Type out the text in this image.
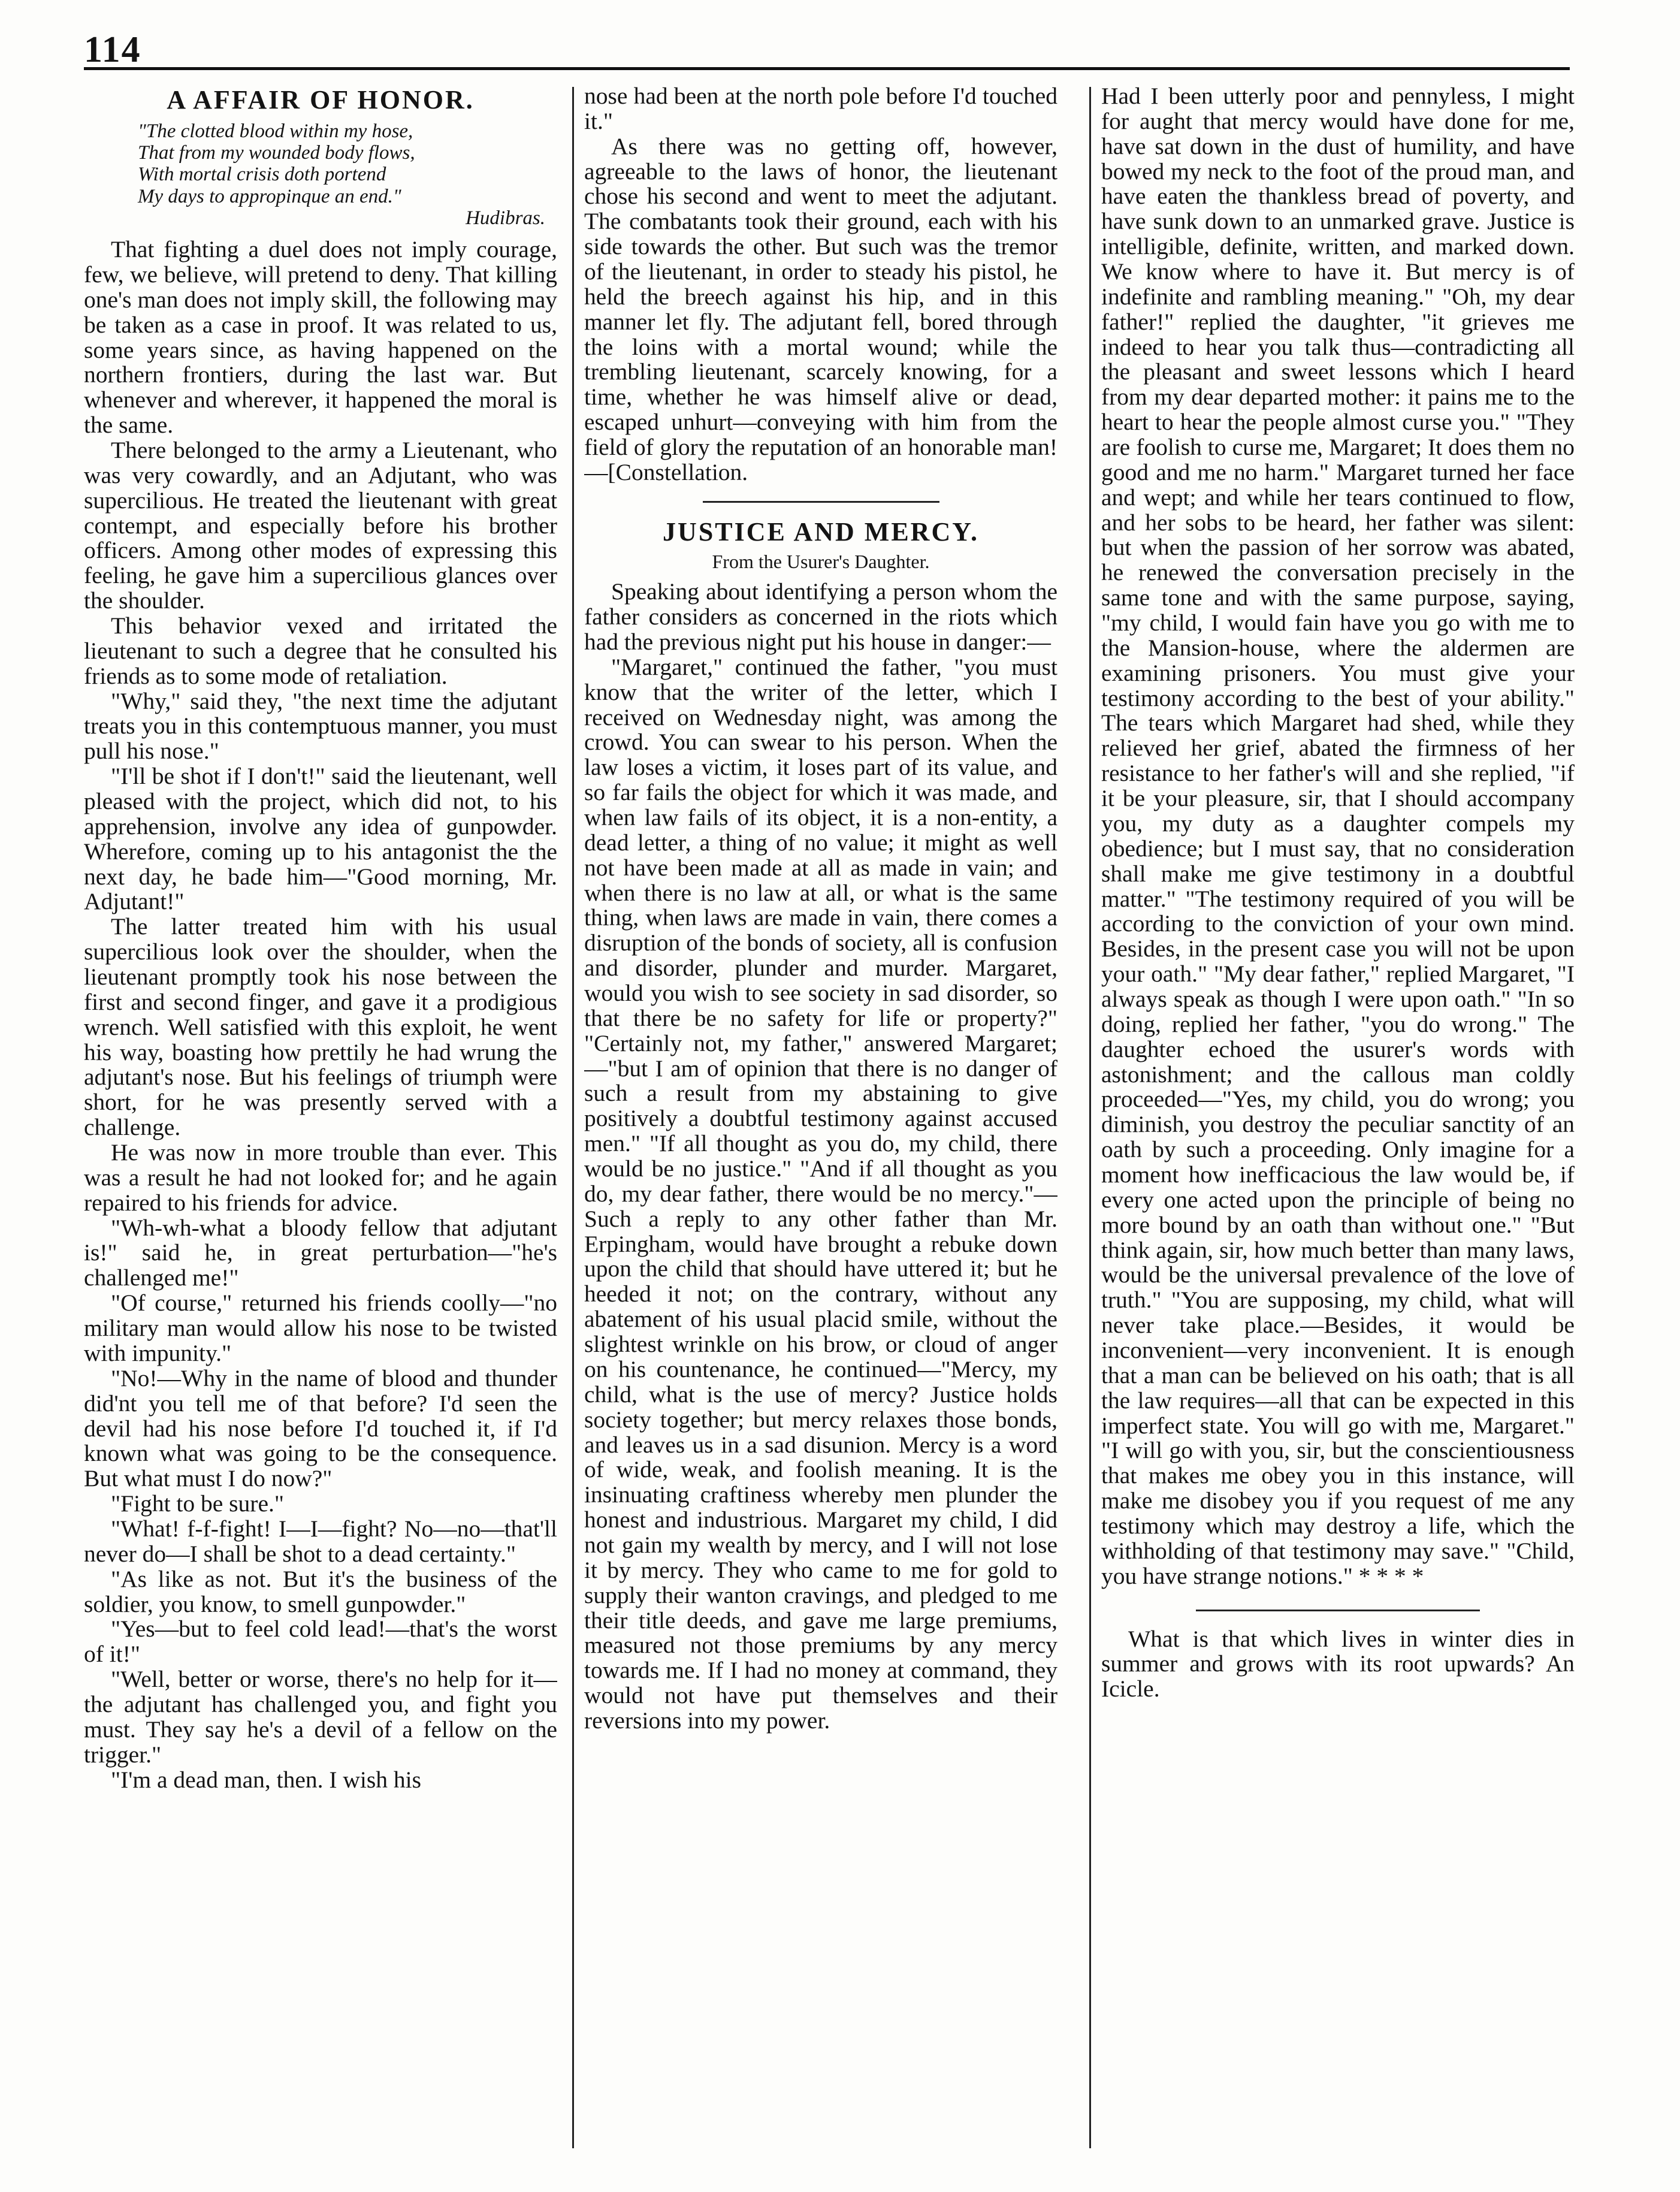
114
A AFFAIR OF HONOR.
"The clotted blood within my hose,
That from my wounded body flows,
With mortal crisis doth portend
My days to appropinque an end."
Hudibras.

That fighting a duel does not imply courage, few, we believe, will pretend to deny. That killing one's man does not imply skill, the following may be taken as a case in proof. It was related to us, some years since, as having happened on the northern frontiers, during the last war. But whenever and wherever, it happened the moral is the same.

There belonged to the army a Lieutenant, who was very cowardly, and an Adjutant, who was supercilious. He treated the lieutenant with great contempt, and especially before his brother officers. Among other modes of expressing this feeling, he gave him a supercilious glances over the shoulder.

This behavior vexed and irritated the lieutenant to such a degree that he consulted his friends as to some mode of retaliation.

"Why," said they, "the next time the adjutant treats you in this contemptuous manner, you must pull his nose."

"I'll be shot if I don't!" said the lieutenant, well pleased with the project, which did not, to his apprehension, involve any idea of gunpowder. Wherefore, coming up to his antagonist the the next day, he bade him—"Good morning, Mr. Adjutant!"

The latter treated him with his usual supercilious look over the shoulder, when the lieutenant promptly took his nose between the first and second finger, and gave it a prodigious wrench. Well satisfied with this exploit, he went his way, boasting how prettily he had wrung the adjutant's nose. But his feelings of triumph were short, for he was presently served with a challenge.

He was now in more trouble than ever. This was a result he had not looked for; and he again repaired to his friends for advice.

"Wh-wh-what a bloody fellow that adjutant is!" said he, in great perturbation—"he's challenged me!"

"Of course," returned his friends coolly—"no military man would allow his nose to be twisted with impunity."

"No!—Why in the name of blood and thunder did'nt you tell me of that before? I'd seen the devil had his nose before I'd touched it, if I'd known what was going to be the consequence. But what must I do now?"

"Fight to be sure."

"What! f-f-fight! I—I—fight? No—no—that'll never do—I shall be shot to a dead certainty."

"As like as not. But it's the business of the soldier, you know, to smell gunpowder."

"Yes—but to feel cold lead!—that's the worst of it!"

"Well, better or worse, there's no help for it—the adjutant has challenged you, and fight you must. They say he's a devil of a fellow on the trigger."

"I'm a dead man, then. I wish his

nose had been at the north pole before I'd touched it."

As there was no getting off, however, agreeable to the laws of honor, the lieutenant chose his second and went to meet the adjutant. The combatants took their ground, each with his side towards the other. But such was the tremor of the lieutenant, in order to steady his pistol, he held the breech against his hip, and in this manner let fly. The adjutant fell, bored through the loins with a mortal wound; while the trembling lieutenant, scarcely knowing, for a time, whether he was himself alive or dead, escaped unhurt—conveying with him from the field of glory the reputation of an honorable man!—[Constellation.

JUSTICE AND MERCY.
From the Usurer's Daughter.

Speaking about identifying a person whom the father considers as concerned in the riots which had the previous night put his house in danger:—

"Margaret," continued the father, "you must know that the writer of the letter, which I received on Wednesday night, was among the crowd. You can swear to his person. When the law loses a victim, it loses part of its value, and so far fails the object for which it was made, and when law fails of its object, it is a non-entity, a dead letter, a thing of no value; it might as well not have been made at all as made in vain; and when there is no law at all, or what is the same thing, when laws are made in vain, there comes a disruption of the bonds of society, all is confusion and disorder, plunder and murder. Margaret, would you wish to see society in sad disorder, so that there be no safety for life or property?" "Certainly not, my father," answered Margaret;—"but I am of opinion that there is no danger of such a result from my abstaining to give positively a doubtful testimony against accused men." "If all thought as you do, my child, there would be no justice." "And if all thought as you do, my dear father, there would be no mercy."—Such a reply to any other father than Mr. Erpingham, would have brought a rebuke down upon the child that should have uttered it; but he heeded it not; on the contrary, without any abatement of his usual placid smile, without the slightest wrinkle on his brow, or cloud of anger on his countenance, he continued—"Mercy, my child, what is the use of mercy? Justice holds society together; but mercy relaxes those bonds, and leaves us in a sad disunion. Mercy is a word of wide, weak, and foolish meaning. It is the insinuating craftiness whereby men plunder the honest and industrious. Margaret my child, I did not gain my wealth by mercy, and I will not lose it by mercy. They who came to me for gold to supply their wanton cravings, and pledged to me their title deeds, and gave me large premiums, measured not those premiums by any mercy towards me. If I had no money at command, they would not have put themselves and their reversions into my power.

Had I been utterly poor and pennyless, I might for aught that mercy would have done for me, have sat down in the dust of humility, and have bowed my neck to the foot of the proud man, and have eaten the thankless bread of poverty, and have sunk down to an unmarked grave. Justice is intelligible, definite, written, and marked down. We know where to have it. But mercy is of indefinite and rambling meaning." "Oh, my dear father!" replied the daughter, "it grieves me indeed to hear you talk thus—contradicting all the pleasant and sweet lessons which I heard from my dear departed mother: it pains me to the heart to hear the people almost curse you." "They are foolish to curse me, Margaret; It does them no good and me no harm." Margaret turned her face and wept; and while her tears continued to flow, and her sobs to be heard, her father was silent: but when the passion of her sorrow was abated, he renewed the conversation precisely in the same tone and with the same purpose, saying, "my child, I would fain have you go with me to the Mansion-house, where the aldermen are examining prisoners. You must give your testimony according to the best of your ability." The tears which Margaret had shed, while they relieved her grief, abated the firmness of her resistance to her father's will and she replied, "if it be your pleasure, sir, that I should accompany you, my duty as a daughter compels my obedience; but I must say, that no consideration shall make me give testimony in a doubtful matter." "The testimony required of you will be according to the conviction of your own mind. Besides, in the present case you will not be upon your oath." "My dear father," replied Margaret, "I always speak as though I were upon oath." "In so doing, replied her father, "you do wrong." The daughter echoed the usurer's words with astonishment; and the callous man coldly proceeded—"Yes, my child, you do wrong; you diminish, you destroy the peculiar sanctity of an oath by such a proceeding. Only imagine for a moment how inefficacious the law would be, if every one acted upon the principle of being no more bound by an oath than without one." "But think again, sir, how much better than many laws, would be the universal prevalence of the love of truth." "You are supposing, my child, what will never take place.—Besides, it would be inconvenient—very inconvenient. It is enough that a man can be believed on his oath; that is all the law requires—all that can be expected in this imperfect state. You will go with me, Margaret." "I will go with you, sir, but the conscientiousness that makes me obey you in this instance, will make me disobey you if you request of me any testimony which may destroy a life, which the withholding of that testimony may save." "Child, you have strange notions." * * * *

What is that which lives in winter dies in summer and grows with its root upwards? An Icicle.
